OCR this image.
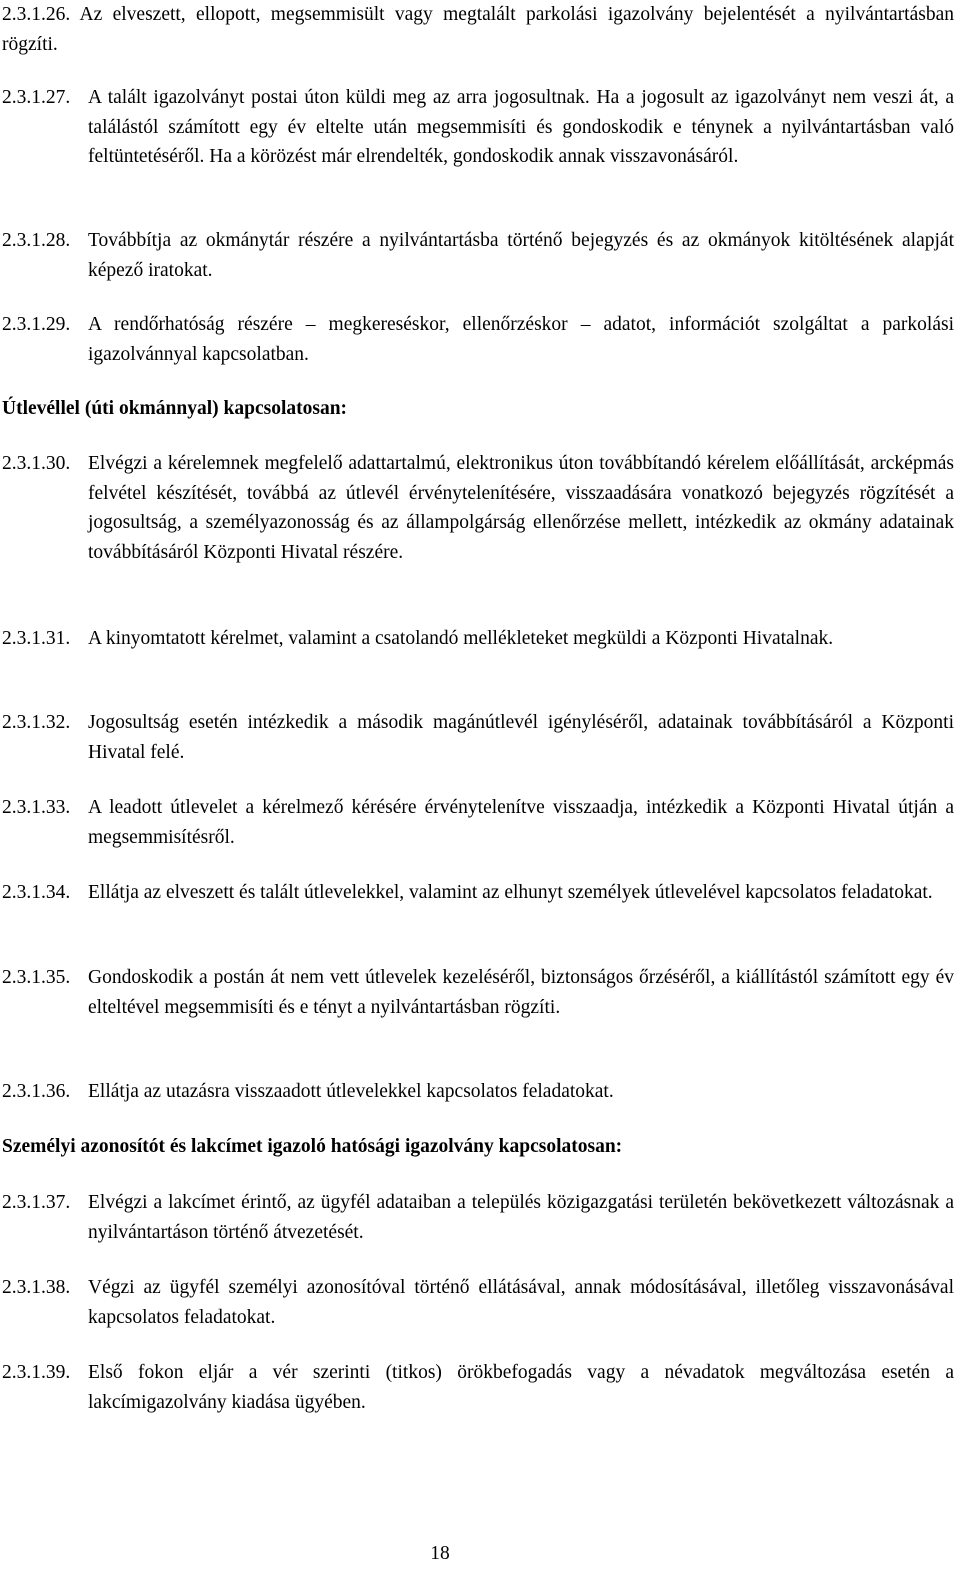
2.3.1.26. Az elveszett, ellopott, megsemmisült vagy megtalált parkolási igazolvány bejelentését a nyilvántartásban rögzíti.
2.3.1.27. A talált igazolványt postai úton küldi meg az arra jogosultnak. Ha a jogosult az igazolványt nem veszi át, a találástól számított egy év eltelte után megsemmisíti és gondoskodik e ténynek a nyilvántartásban való feltüntetéséről. Ha a körözést már elrendelték, gondoskodik annak visszavonásáról.
2.3.1.28. Továbbítja az okmánytár részére a nyilvántartásba történő bejegyzés és az okmányok kitöltésének alapját képező iratokat.
2.3.1.29. A rendőrhatóság részére – megkereséskor, ellenőrzéskor – adatot, információt szolgáltat a parkolási igazolvánnyal kapcsolatban.
Útlevéllel (úti okmánnyal) kapcsolatosan:
2.3.1.30. Elvégzi a kérelemnek megfelelő adattartalmú, elektronikus úton továbbítandó kérelem előállítását, arcképmás felvétel készítését, továbbá az útlevél érvénytelenítésére, visszaadására vonatkozó bejegyzés rögzítését a jogosultság, a személyazonosság és az állampolgárság ellenőrzése mellett, intézkedik az okmány adatainak továbbításáról Központi Hivatal részére.
2.3.1.31. A kinyomtatott kérelmet, valamint a csatolandó mellékleteket megküldi a Központi Hivatalnak.
2.3.1.32. Jogosultság esetén intézkedik a második magánútlevél igényléséről, adatainak továbbításáról a Központi Hivatal felé.
2.3.1.33. A leadott útlevelet a kérelmező kérésére érvénytelenítve visszaadja, intézkedik a Központi Hivatal útján a megsemmisítésről.
2.3.1.34. Ellátja az elveszett és talált útlevelekkel, valamint az elhunyt személyek útlevelével kapcsolatos feladatokat.
2.3.1.35. Gondoskodik a postán át nem vett útlevelek kezeléséről, biztonságos őrzéséről, a kiállítástól számított egy év elteltével megsemmisíti és e tényt a nyilvántartásban rögzíti.
2.3.1.36. Ellátja az utazásra visszaadott útlevelekkel kapcsolatos feladatokat.
Személyi azonosítót és lakcímet igazoló hatósági igazolvány kapcsolatosan:
2.3.1.37. Elvégzi a lakcímet érintő, az ügyfél adataiban a település közigazgatási területén bekövetkezett változásnak a nyilvántartáson történő átvezetését.
2.3.1.38. Végzi az ügyfél személyi azonosítóval történő ellátásával, annak módosításával, illetőleg visszavonásával kapcsolatos feladatokat.
2.3.1.39. Első fokon eljár a vér szerinti (titkos) örökbefogadás vagy a névadatok megváltozása esetén a lakcímigazolvány kiadása ügyében.
18
